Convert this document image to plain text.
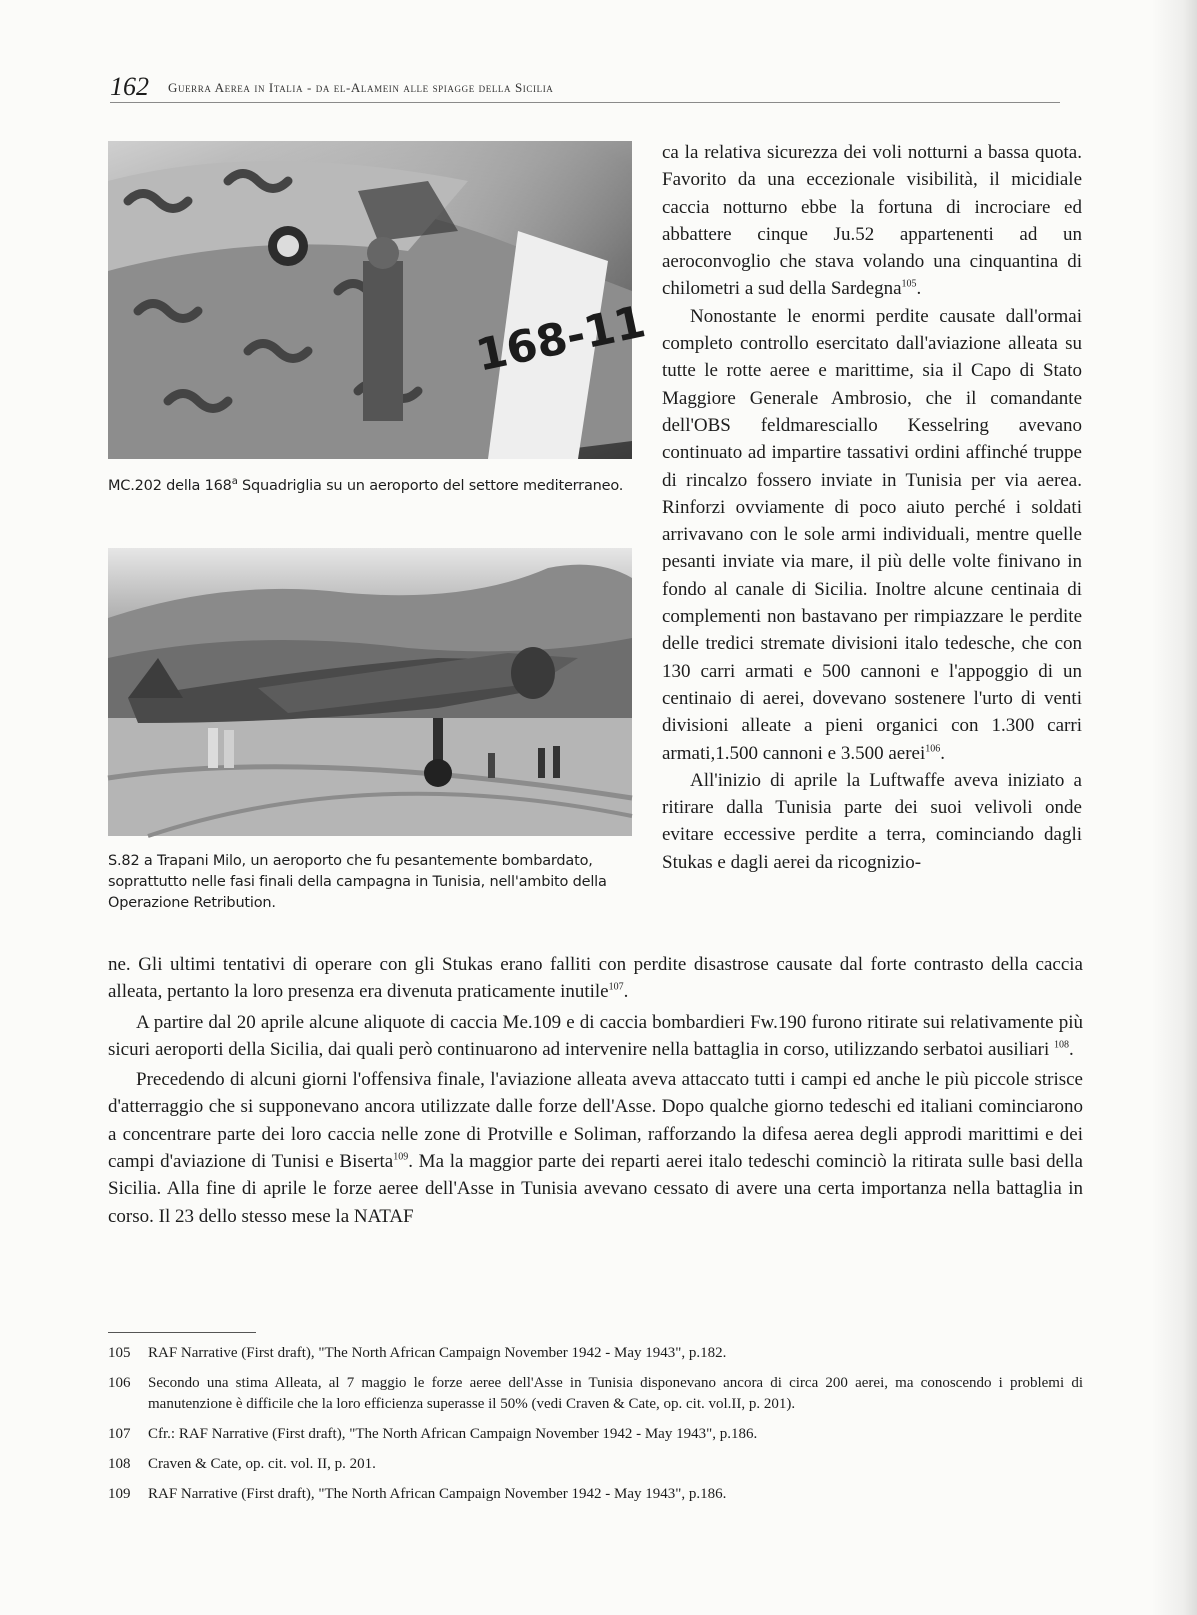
162 Guerra Aerea in Italia - da el-Alamein alle spiagge della Sicilia
168-11
MC.202 della 168$^a$ Squadriglia su un aeroporto del settore mediterraneo.
S.82 a Trapani Milo, un aeroporto che fu pesantemente bombardato, soprattutto nelle fasi finali della campagna in Tunisia, nell'ambito della Operazione Retribution.

ca la relativa sicurezza dei voli notturni a bassa quota. Favorito da una eccezionale visibilità, il micidiale caccia notturno ebbe la fortuna di incrociare ed abbattere cinque Ju.52 appartenenti ad un aeroconvoglio che stava volando una cinquantina di chilometri a sud della Sardegna$^{105}$.

Nonostante le enormi perdite causate dall'ormai completo controllo esercitato dall'aviazione alleata su tutte le rotte aeree e marittime, sia il Capo di Stato Maggiore Generale Ambrosio, che il comandante dell'OBS feldmaresciallo Kesselring avevano continuato ad impartire tassativi ordini affinché truppe di rincalzo fossero inviate in Tunisia per via aerea. Rinforzi ovviamente di poco aiuto perché i soldati arrivavano con le sole armi individuali, mentre quelle pesanti inviate via mare, il più delle volte finivano in fondo al canale di Sicilia. Inoltre alcune centinaia di complementi non bastavano per rimpiazzare le perdite delle tredici stremate divisioni italo tedesche, che con 130 carri armati e 500 cannoni e l'appoggio di un centinaio di aerei, dovevano sostenere l'urto di venti divisioni alleate a pieni organici con 1.300 carri armati,1.500 cannoni e 3.500 aerei$^{106}$.

All'inizio di aprile la Luftwaffe aveva iniziato a ritirare dalla Tunisia parte dei suoi velivoli onde evitare eccessive perdite a terra, cominciando dagli Stukas e dagli aerei da ricognizio-

ne. Gli ultimi tentativi di operare con gli Stukas erano falliti con perdite disastrose causate dal forte contrasto della caccia alleata, pertanto la loro presenza era divenuta praticamente inutile$^{107}$.

A partire dal 20 aprile alcune aliquote di caccia Me.109 e di caccia bombardieri Fw.190 furono ritirate sui relativamente più sicuri aeroporti della Sicilia, dai quali però continuarono ad intervenire nella battaglia in corso, utilizzando serbatoi ausiliari $^{108}$.

Precedendo di alcuni giorni l'offensiva finale, l'aviazione alleata aveva attaccato tutti i campi ed anche le più piccole strisce d'atterraggio che si supponevano ancora utilizzate dalle forze dell'Asse. Dopo qualche giorno tedeschi ed italiani cominciarono a concentrare parte dei loro caccia nelle zone di Protville e Soliman, rafforzando la difesa aerea degli approdi marittimi e dei campi d'aviazione di Tunisi e Biserta$^{109}$. Ma la maggior parte dei reparti aerei italo tedeschi cominciò la ritirata sulle basi della Sicilia. Alla fine di aprile le forze aeree dell'Asse in Tunisia avevano cessato di avere una certa importanza nella battaglia in corso. Il 23 dello stesso mese la NATAF

105 RAF Narrative (First draft), "The North African Campaign November 1942 - May 1943", p.182.
106 Secondo una stima Alleata, al 7 maggio le forze aeree dell'Asse in Tunisia disponevano ancora di circa 200 aerei, ma conoscendo i problemi di manutenzione è difficile che la loro efficienza superasse il 50% (vedi Craven & Cate, op. cit. vol.II, p. 201).
107 Cfr.: RAF Narrative (First draft), "The North African Campaign November 1942 - May 1943", p.186.
108 Craven & Cate, op. cit. vol. II, p. 201.
109 RAF Narrative (First draft), "The North African Campaign November 1942 - May 1943", p.186.
